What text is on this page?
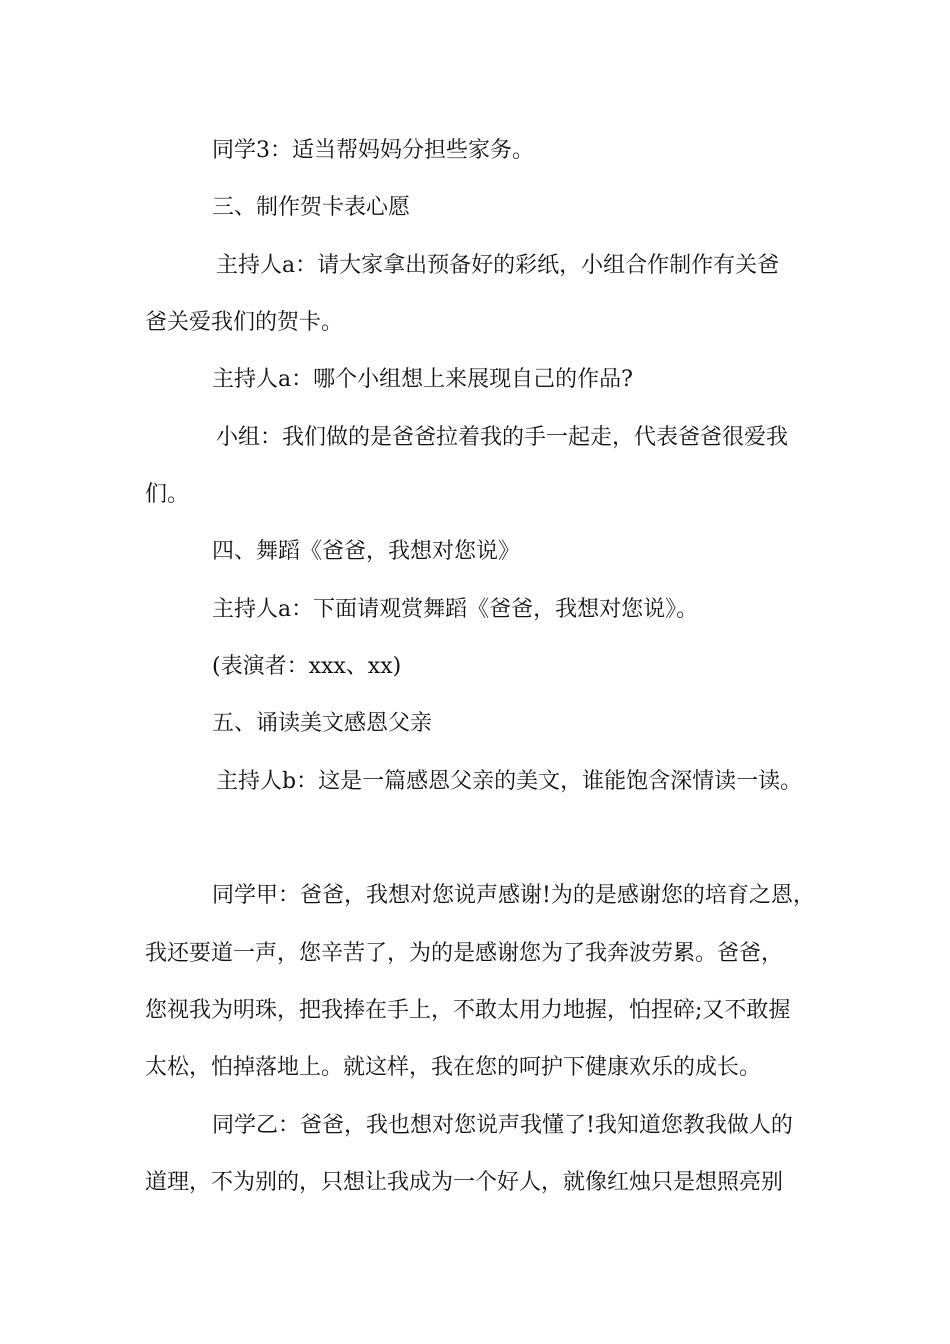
同学3：适当帮妈妈分担些家务。
三、制作贺卡表心愿
主持人a：请大家拿出预备好的彩纸，小组合作制作有关爸
爸关爱我们的贺卡。
主持人a：哪个小组想上来展现自己的作品?
小组：我们做的是爸爸拉着我的手一起走，代表爸爸很爱我
们。
四、舞蹈《爸爸，我想对您说》
主持人a：下面请观赏舞蹈《爸爸，我想对您说》。
(表演者：xxx、xx)
五、诵读美文感恩父亲
主持人b：这是一篇感恩父亲的美文，谁能饱含深情读一读。
同学甲：爸爸，我想对您说声感谢!为的是感谢您的培育之恩，
我还要道一声，您辛苦了，为的是感谢您为了我奔波劳累。爸爸，
您视我为明珠，把我捧在手上，不敢太用力地握，怕捏碎;又不敢握
太松，怕掉落地上。就这样，我在您的呵护下健康欢乐的成长。
同学乙：爸爸，我也想对您说声我懂了!我知道您教我做人的
道理，不为别的，只想让我成为一个好人，就像红烛只是想照亮别
